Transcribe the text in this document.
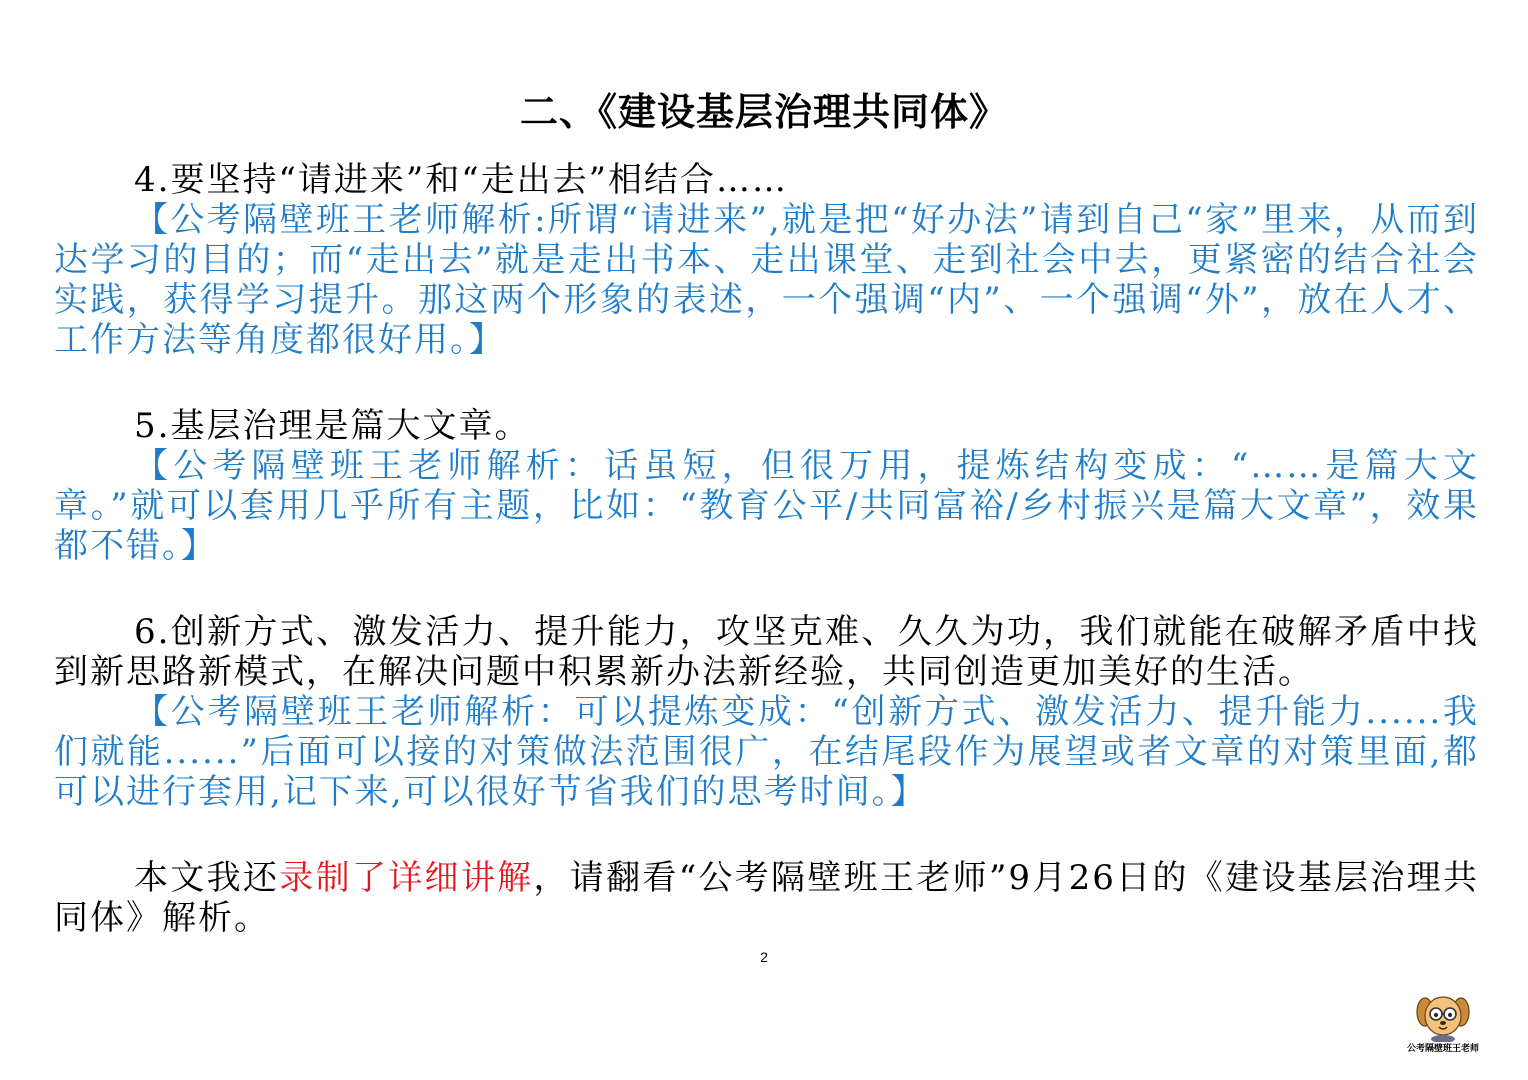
二、《建设基层治理共同体》

4.要坚持“请进来”和“走出去”相结合……

【公考隔壁班王老师解析:所谓“请进来”,就是把“好办法”请到自己“家”里来，从而到达学习的目的；而“走出去”就是走出书本、走出课堂、走到社会中去，更紧密的结合社会实践，获得学习提升。那这两个形象的表述，一个强调“内”、一个强调“外”，放在人才、工作方法等角度都很好用。】

5.基层治理是篇大文章。

【公考隔壁班王老师解析：话虽短，但很万用，提炼结构变成：“……是篇大文章。”就可以套用几乎所有主题，比如：“教育公平/共同富裕/乡村振兴是篇大文章”，效果都不错。】

6.创新方式、激发活力、提升能力，攻坚克难、久久为功，我们就能在破解矛盾中找到新思路新模式，在解决问题中积累新办法新经验，共同创造更加美好的生活。

【公考隔壁班王老师解析：可以提炼变成：“创新方式、激发活力、提升能力......我们就能......”后面可以接的对策做法范围很广，在结尾段作为展望或者文章的对策里面,都可以进行套用,记下来,可以很好节省我们的思考时间。】

本文我还录制了详细讲解，请翻看“公考隔壁班王老师”9月26日的《建设基层治理共同体》解析。

2
公考隔壁班王老师
